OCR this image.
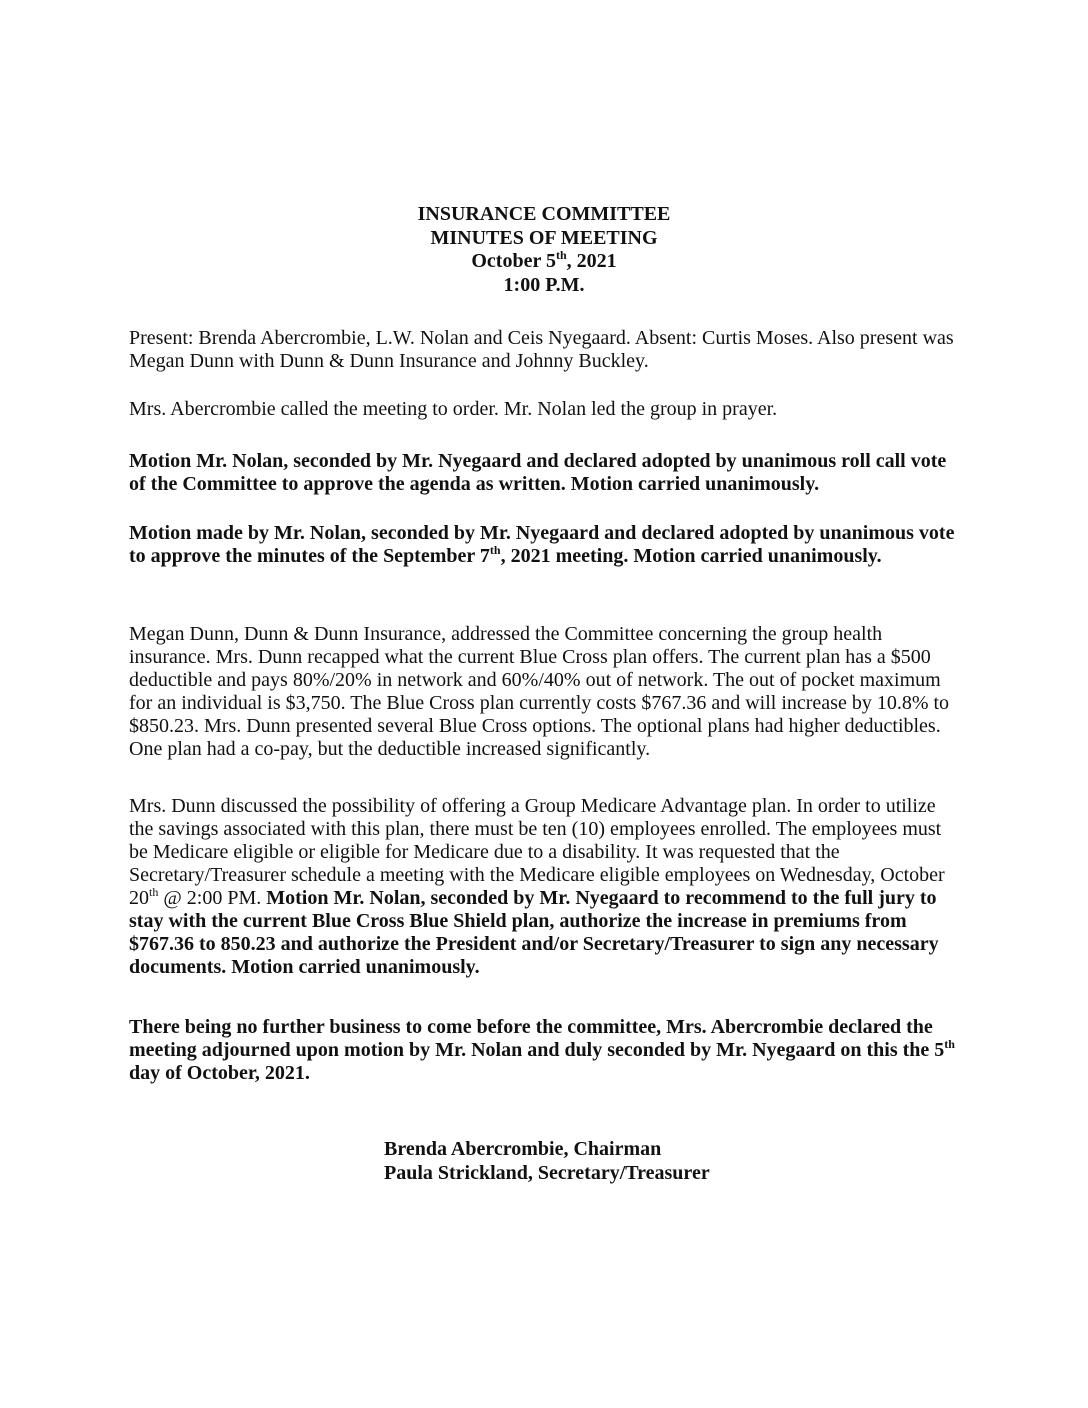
INSURANCE COMMITTEE
MINUTES OF MEETING
October 5th, 2021
1:00 P.M.

Present: Brenda Abercrombie, L.W. Nolan and Ceis Nyegaard. Absent: Curtis Moses. Also present was Megan Dunn with Dunn & Dunn Insurance and Johnny Buckley.

Mrs. Abercrombie called the meeting to order. Mr. Nolan led the group in prayer.

Motion Mr. Nolan, seconded by Mr. Nyegaard and declared adopted by unanimous roll call vote of the Committee to approve the agenda as written. Motion carried unanimously.

Motion made by Mr. Nolan, seconded by Mr. Nyegaard and declared adopted by unanimous vote to approve the minutes of the September 7th, 2021 meeting. Motion carried unanimously.

Megan Dunn, Dunn & Dunn Insurance, addressed the Committee concerning the group health insurance. Mrs. Dunn recapped what the current Blue Cross plan offers. The current plan has a $500 deductible and pays 80%/20% in network and 60%/40% out of network. The out of pocket maximum for an individual is $3,750. The Blue Cross plan currently costs $767.36 and will increase by 10.8% to $850.23. Mrs. Dunn presented several Blue Cross options. The optional plans had higher deductibles. One plan had a co-pay, but the deductible increased significantly.

Mrs. Dunn discussed the possibility of offering a Group Medicare Advantage plan. In order to utilize the savings associated with this plan, there must be ten (10) employees enrolled. The employees must be Medicare eligible or eligible for Medicare due to a disability. It was requested that the Secretary/Treasurer schedule a meeting with the Medicare eligible employees on Wednesday, October 20th @ 2:00 PM. Motion Mr. Nolan, seconded by Mr. Nyegaard to recommend to the full jury to stay with the current Blue Cross Blue Shield plan, authorize the increase in premiums from $767.36 to 850.23 and authorize the President and/or Secretary/Treasurer to sign any necessary documents. Motion carried unanimously.

There being no further business to come before the committee, Mrs. Abercrombie declared the meeting adjourned upon motion by Mr. Nolan and duly seconded by Mr. Nyegaard on this the 5th day of October, 2021.

Brenda Abercrombie, Chairman
Paula Strickland, Secretary/Treasurer
